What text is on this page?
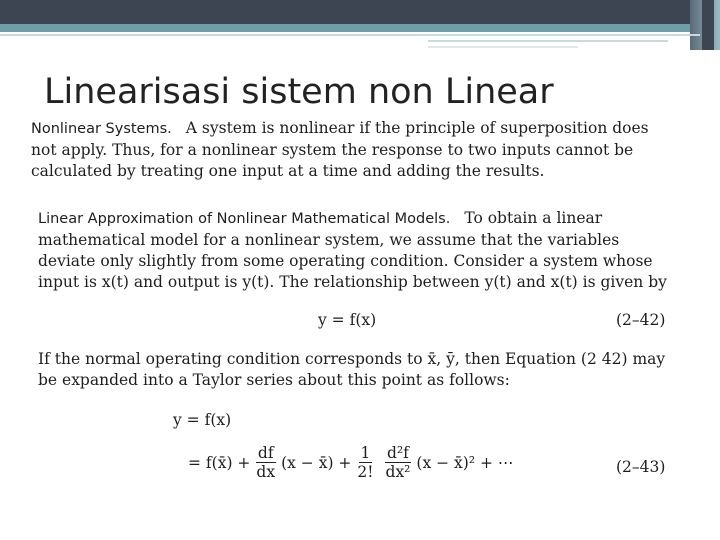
Linearisasi sistem non Linear
Nonlinear Systems. A system is nonlinear if the principle of superposition does not apply. Thus, for a nonlinear system the response to two inputs cannot be calculated by treating one input at a time and adding the results.
Linear Approximation of Nonlinear Mathematical Models. To obtain a linear mathematical model for a nonlinear system, we assume that the variables deviate only slightly from some operating condition. Consider a system whose input is x(t) and output is y(t). The relationship between y(t) and x(t) is given by
y = f(x)	(2–42)
If the normal operating condition corresponds to x̄, ȳ, then Equation (2 42) may be expanded into a Taylor series about this point as follows:
y = f(x)
= f(x̄) + $\frac{df}{dx} (x$ − x̄) + $\frac{1}{2!} \frac{\text{d²f}}{\text{dx²}} (x$ − x̄)² + ⋯	(2–43)
